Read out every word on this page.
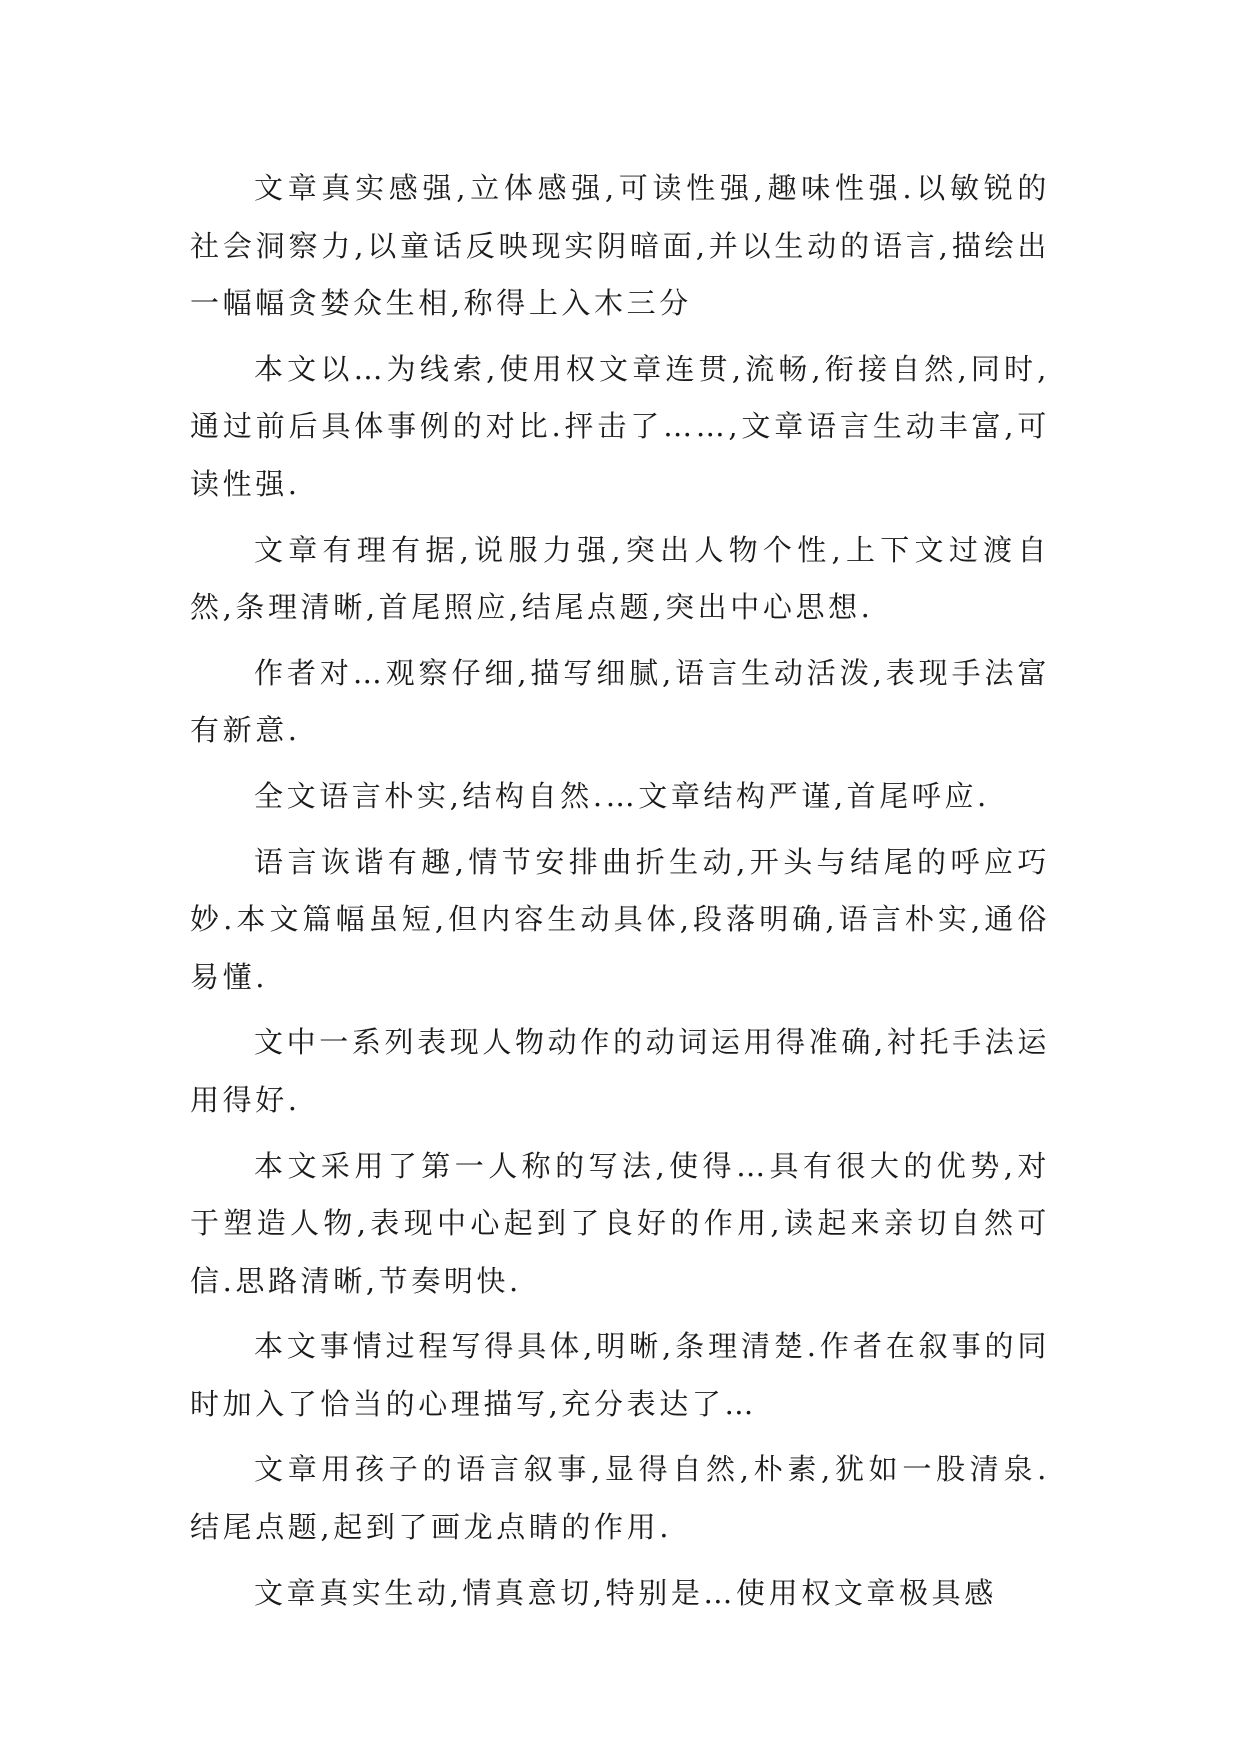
文章真实感强,立体感强,可读性强,趣味性强.以敏锐的社会洞察力,以童话反映现实阴暗面,并以生动的语言,描绘出一幅幅贪婪众生相,称得上入木三分

本文以…为线索,使用权文章连贯,流畅,衔接自然,同时,通过前后具体事例的对比.抨击了……,文章语言生动丰富,可读性强.

文章有理有据,说服力强,突出人物个性,上下文过渡自然,条理清晰,首尾照应,结尾点题,突出中心思想.

作者对…观察仔细,描写细腻,语言生动活泼,表现手法富有新意.

全文语言朴实,结构自然.…文章结构严谨,首尾呼应.

语言诙谐有趣,情节安排曲折生动,开头与结尾的呼应巧妙.本文篇幅虽短,但内容生动具体,段落明确,语言朴实,通俗易懂.

文中一系列表现人物动作的动词运用得准确,衬托手法运用得好.

本文采用了第一人称的写法,使得…具有很大的优势,对于塑造人物,表现中心起到了良好的作用,读起来亲切自然可信.思路清晰,节奏明快.

本文事情过程写得具体,明晰,条理清楚.作者在叙事的同时加入了恰当的心理描写,充分表达了…

文章用孩子的语言叙事,显得自然,朴素,犹如一股清泉.结尾点题,起到了画龙点睛的作用.

文章真实生动,情真意切,特别是…使用权文章极具感
